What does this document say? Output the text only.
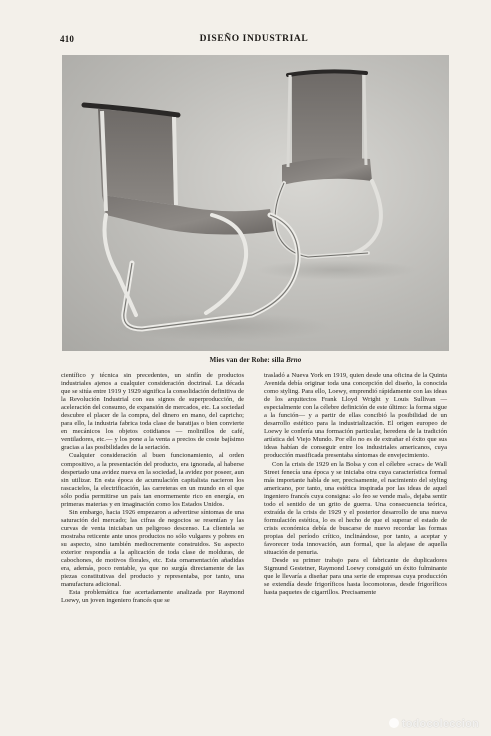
410	DISEÑO INDUSTRIAL
Mies van der Rohe: silla Brno

científico y técnica sin precedentes, un sinfín de productos industriales ajenos a cualquier consideración doctrinal. La década que se sitúa entre 1919 y 1929 significa la consolidación definitiva de la Revolución Industrial con sus signos de superproducción, de aceleración del consumo, de expansión de mercados, etc. La sociedad descubre el placer de la compra, del dinero en mano, del capricho; para ello, la industria fabrica toda clase de baratijas o bien convierte en mecánicos los objetos cotidianos — molinillos de café, ventiladores, etc.— y los pone a la venta a precios de coste bajísimo gracias a las posibilidades de la seriación.

Cualquier consideración al buen funcionamiento, al orden compositivo, a la presentación del producto, era ignorada, al haberse despertado una avidez nueva en la sociedad, la avidez por poseer, aun sin utilizar. En esta época de acumulación capitalista nacieron los rascacielos, la electrificación, las carreteras en un mundo en el que sólo podía permitirse un país tan enormemente rico en energía, en primeras materias y en imaginación como los Estados Unidos.

Sin embargo, hacia 1926 empezaron a advertirse síntomas de una saturación del mercado; las cifras de negocios se resentían y las curvas de venta iniciaban un peligroso descenso. La clientela se mostraba reticente ante unos productos no sólo vulgares y pobres en su aspecto, sino también mediocremente construidos. Su aspecto exterior respondía a la aplicación de toda clase de molduras, de cabochones, de motivos florales, etc. Esta ornamentación añadidas era, además, poco rentable, ya que no surgía directamente de las piezas constitutivas del producto y representaba, por tanto, una manufactura adicional.

Esta problemática fue acertadamente analizada por Raymond Loewy, un joven ingeniero francés que se

trasladó a Nueva York en 1919, quien desde una oficina de la Quinta Avenida debía originar toda una concepción del diseño, la conocida como styling. Para ello, Loewy, emprendió rápidamente con las ideas de los arquitectos Frank Lloyd Wright y Louis Sullivan —especialmente con la célebre definición de este último: la forma sigue a la función— y a partir de ellas concibió la posibilidad de un desarrollo estético para la industrialización. El origen europeo de Loewy le confería una formación particular, heredera de la tradición artística del Viejo Mundo. Por ello no es de extrañar el éxito que sus ideas habían de conseguir entre los industriales americanos, cuya producción masificada presentaba síntomas de envejecimiento.

Con la crisis de 1929 en la Bolsa y con el célebre «crac» de Wall Street fenecía una época y se iniciaba otra cuya característica formal más importante habla de ser, precisamente, el nacimiento del styling americano, por tanto, una estética inspirada por las ideas de aquel ingeniero francés cuya consigna: «lo feo se vende mal», dejaba sentir todo el sentido de un grito de guerra. Una consecuencia teórica, extraída de la crisis de 1929 y el posterior desarrollo de una nueva formulación estética, lo es el hecho de que el superar el estado de crisis económica debía de buscarse de nuevo recordar las formas propias del período crítico, inclinándose, por tanto, a aceptar y favorecer toda innovación, aun formal, que la alejase de aquella situación de penuria.

Desde su primer trabajo para el fabricante de duplicadores Sigmund Gestetner, Raymond Loewy consiguió un éxito fulminante que le llevaría a diseñar para una serie de empresas cuya producción se extendía desde frigoríficos hasta locomotoras, desde frigoríficos hasta paquetes de cigarrillos. Precisamente

todocoleccion
